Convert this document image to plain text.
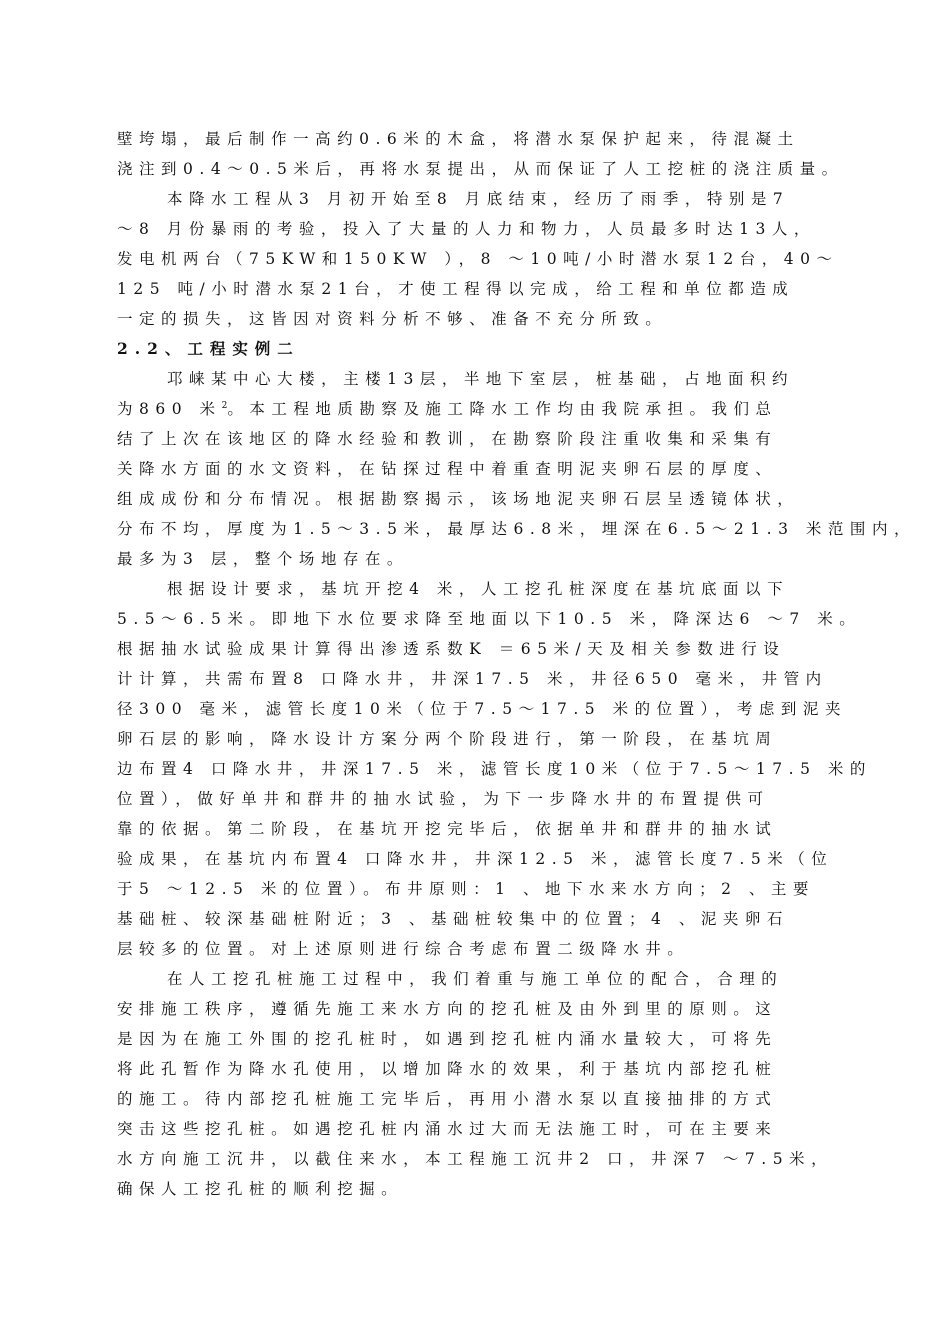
壁垮塌，最后制作一高约0.6米的木盒，将潜水泵保护起来，待混凝土
浇注到0.4～0.5米后，再将水泵提出，从而保证了人工挖桩的浇注质量。
本降水工程从3 月初开始至8 月底结束，经历了雨季，特别是7
～8 月份暴雨的考验，投入了大量的人力和物力，人员最多时达13人，
发电机两台（75KW和150KW ），8 ～10吨/小时潜水泵12台，40～
125 吨/小时潜水泵21台，才使工程得以完成，给工程和单位都造成
一定的损失，这皆因对资料分析不够、准备不充分所致。
2.2、工程实例二
邛崃某中心大楼，主楼13层，半地下室层，桩基础，占地面积约
为860 米$^2$。本工程地质勘察及施工降水工作均由我院承担。我们总
结了上次在该地区的降水经验和教训，在勘察阶段注重收集和采集有
关降水方面的水文资料，在钻探过程中着重查明泥夹卵石层的厚度、
组成成份和分布情况。根据勘察揭示，该场地泥夹卵石层呈透镜体状，
分布不均，厚度为1.5～3.5米，最厚达6.8米，埋深在6.5～21.3 米范围内，
最多为3 层，整个场地存在。
根据设计要求，基坑开挖4 米，人工挖孔桩深度在基坑底面以下
5.5～6.5米。即地下水位要求降至地面以下10.5 米，降深达6 ～7 米。
根据抽水试验成果计算得出渗透系数K ＝65米/天及相关参数进行设
计计算，共需布置8 口降水井，井深17.5 米，井径650 毫米，井管内
径300 毫米，滤管长度10米（位于7.5～17.5 米的位置），考虑到泥夹
卵石层的影响，降水设计方案分两个阶段进行，第一阶段，在基坑周
边布置4 口降水井，井深17.5 米，滤管长度10米（位于7.5～17.5 米的
位置），做好单井和群井的抽水试验，为下一步降水井的布置提供可
靠的依据。第二阶段，在基坑开挖完毕后，依据单井和群井的抽水试
验成果，在基坑内布置4 口降水井，井深12.5 米，滤管长度7.5米（位
于5 ～12.5 米的位置）。布井原则：1 、地下水来水方向；2 、主要
基础桩、较深基础桩附近；3 、基础桩较集中的位置；4 、泥夹卵石
层较多的位置。对上述原则进行综合考虑布置二级降水井。
在人工挖孔桩施工过程中，我们着重与施工单位的配合，合理的
安排施工秩序，遵循先施工来水方向的挖孔桩及由外到里的原则。这
是因为在施工外围的挖孔桩时，如遇到挖孔桩内涌水量较大，可将先
将此孔暂作为降水孔使用，以增加降水的效果，利于基坑内部挖孔桩
的施工。待内部挖孔桩施工完毕后，再用小潜水泵以直接抽排的方式
突击这些挖孔桩。如遇挖孔桩内涌水过大而无法施工时，可在主要来
水方向施工沉井，以截住来水，本工程施工沉井2 口，井深7 ～7.5米，
确保人工挖孔桩的顺利挖掘。
